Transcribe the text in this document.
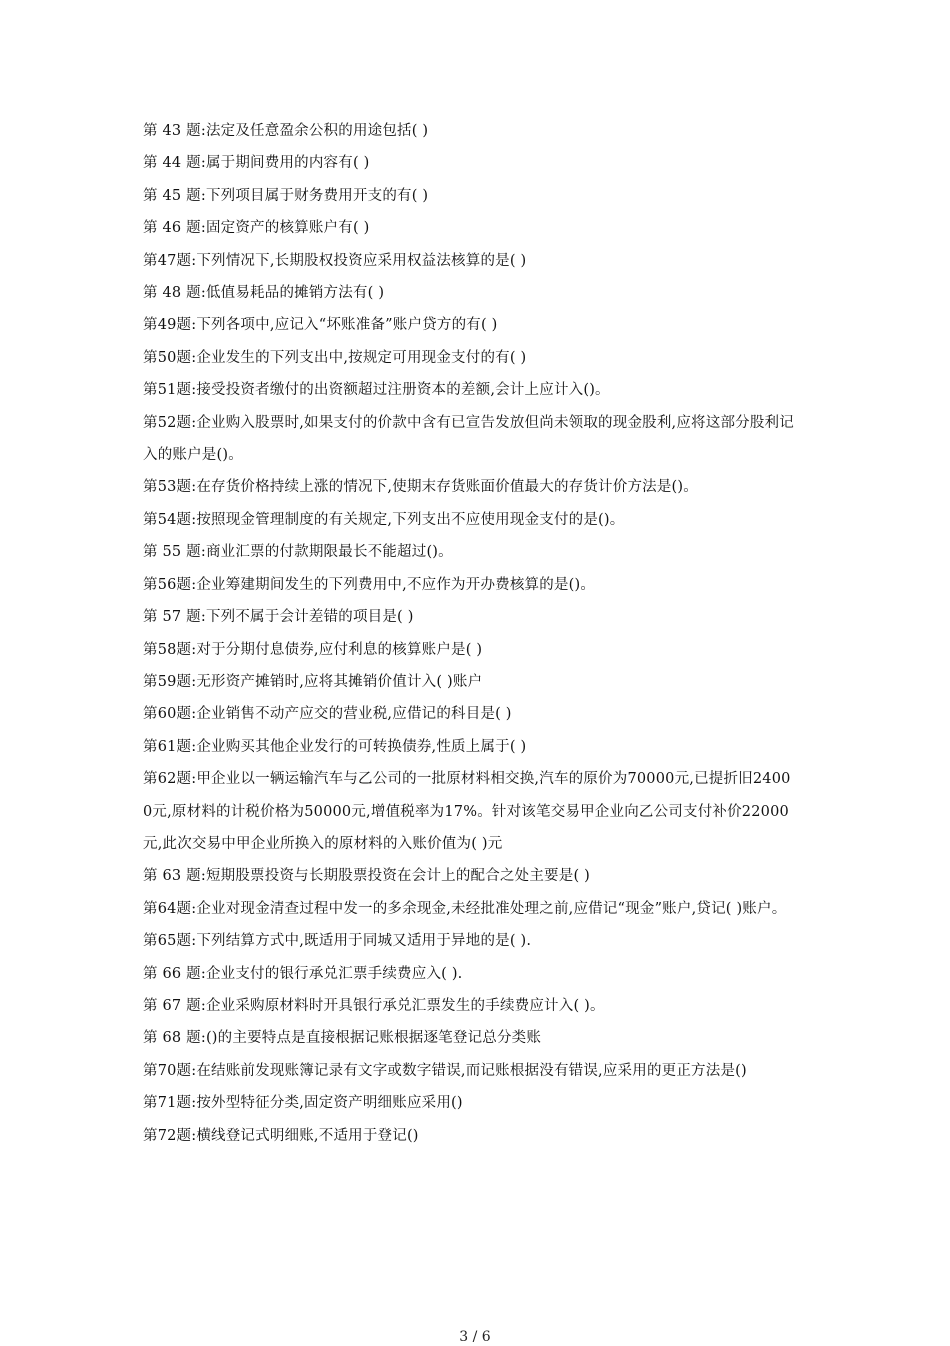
第 43 题:法定及任意盈余公积的用途包括( )
第 44 题:属于期间费用的内容有( )
第 45 题:下列项目属于财务费用开支的有( )
第 46 题:固定资产的核算账户有( )
第47题:下列情况下,长期股权投资应采用权益法核算的是( )
第 48 题:低值易耗品的摊销方法有( )
第49题:下列各项中,应记入“坏账准备”账户贷方的有( )
第50题:企业发生的下列支出中,按规定可用现金支付的有( )
第51题:接受投资者缴付的出资额超过注册资本的差额,会计上应计入()。
第52题:企业购入股票时,如果支付的价款中含有已宣告发放但尚未领取的现金股利,应将这部分股利记入的账户是()。
第53题:在存货价格持续上涨的情况下,使期末存货账面价值最大的存货计价方法是()。
第54题:按照现金管理制度的有关规定,下列支出不应使用现金支付的是()。
第 55 题:商业汇票的付款期限最长不能超过()。
第56题:企业筹建期间发生的下列费用中,不应作为开办费核算的是()。
第 57 题:下列不属于会计差错的项目是( )
第58题:对于分期付息债券,应付利息的核算账户是( )
第59题:无形资产摊销时,应将其摊销价值计入( )账户
第60题:企业销售不动产应交的营业税,应借记的科目是( )
第61题:企业购买其他企业发行的可转换债券,性质上属于( )
第62题:甲企业以一辆运输汽车与乙公司的一批原材料相交换,汽车的原价为70000元,已提折旧24000元,原材料的计税价格为50000元,增值税率为17%。针对该笔交易甲企业向乙公司支付补价22000元,此次交易中甲企业所换入的原材料的入账价值为( )元
第 63 题:短期股票投资与长期股票投资在会计上的配合之处主要是( )
第64题:企业对现金清查过程中发一的多余现金,未经批准处理之前,应借记“现金”账户,贷记( )账户。
第65题:下列结算方式中,既适用于同城又适用于异地的是( ).
第 66 题:企业支付的银行承兑汇票手续费应入( ).
第 67 题:企业采购原材料时开具银行承兑汇票发生的手续费应计入( )。
第 68 题:()的主要特点是直接根据记账根据逐笔登记总分类账
第70题:在结账前发现账簿记录有文字或数字错误,而记账根据没有错误,应采用的更正方法是()
第71题:按外型特征分类,固定资产明细账应采用()
第72题:横线登记式明细账,不适用于登记()
3 / 6
